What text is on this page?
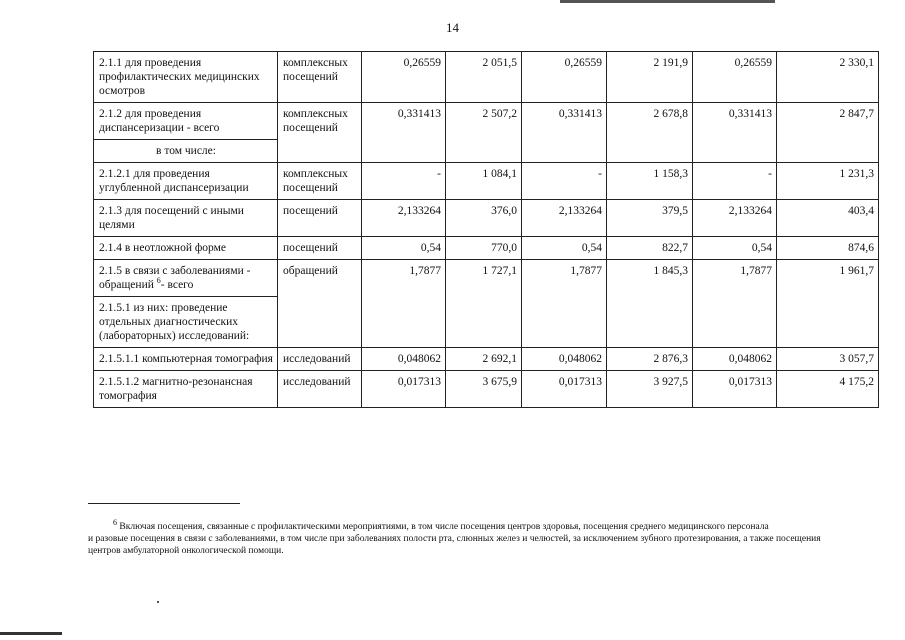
14
2.1.1 для проведения профилактических медицинских осмотров	комплексных посещений	0,26559	2 051,5	0,26559	2 191,9	0,26559	2 330,1
2.1.2 для проведения диспансеризации - всего	комплексных посещений	0,331413	2 507,2	0,331413	2 678,8	0,331413	2 847,7
в том числе:							
2.1.2.1 для проведения углубленной диспансеризации	комплексных посещений	-	1 084,1	-	1 158,3	-	1 231,3
2.1.3 для посещений с иными целями	посещений	2,133264	376,0	2,133264	379,5	2,133264	403,4
2.1.4 в неотложной форме	посещений	0,54	770,0	0,54	822,7	0,54	874,6
2.1.5 в связи с заболеваниями - обращений $^6$- всего	обращений	1,7877	1 727,1	1,7877	1 845,3	1,7877	1 961,7
2.1.5.1 из них: проведение отдельных диагностических (лабораторных) исследований:							
2.1.5.1.1 компьютерная томография	исследований	0,048062	2 692,1	0,048062	2 876,3	0,048062	3 057,7
2.1.5.1.2 магнитно-резонансная томография	исследований	0,017313	3 675,9	0,017313	3 927,5	0,017313	4 175,2

$^6$ Включая посещения, связанные с профилактическими мероприятиями, в том числе посещения центров здоровья, посещения среднего медицинского персонала

и разовые посещения в связи с заболеваниями, в том числе при заболеваниях полости рта, слюнных желез и челюстей, за исключением зубного протезирования, а также посещения центров амбулаторной онкологической помощи.
